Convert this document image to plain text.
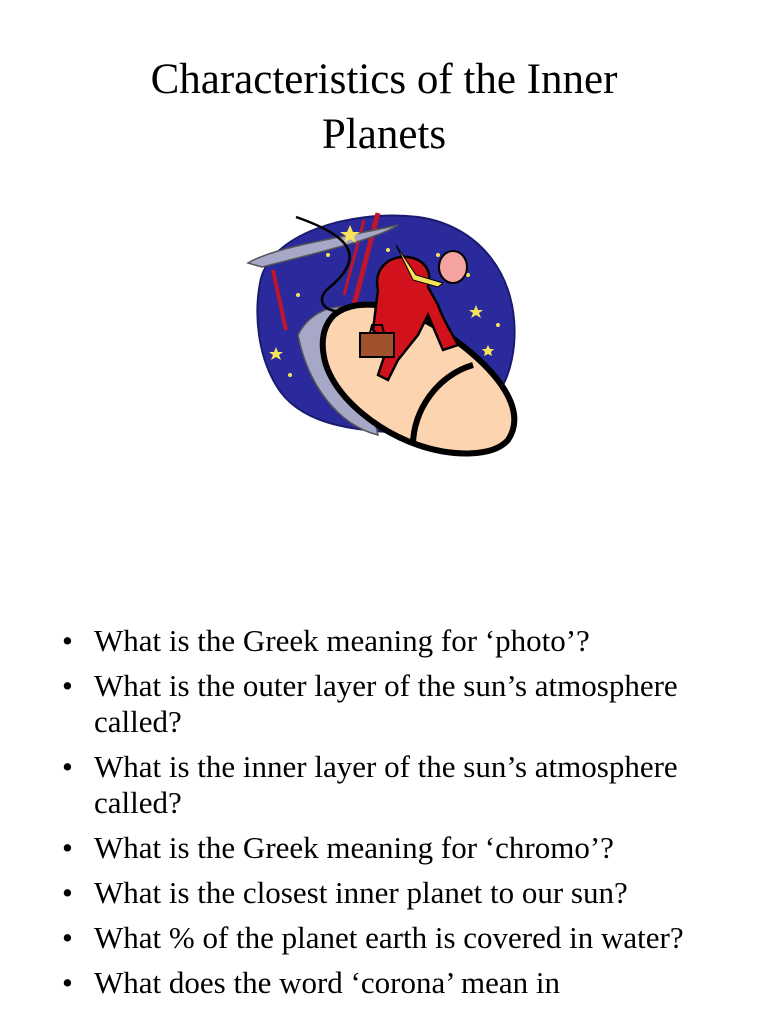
Characteristics of the Inner
Planets
• What is the Greek meaning for ‘photo’?
• What is the outer layer of the sun’s atmosphere called?
• What is the inner layer of the sun’s atmosphere called?
• What is the Greek meaning for ‘chromo’?
• What is the closest inner planet to our sun?
• What % of the planet earth is covered in water?
• What does the word ‘corona’ mean in
